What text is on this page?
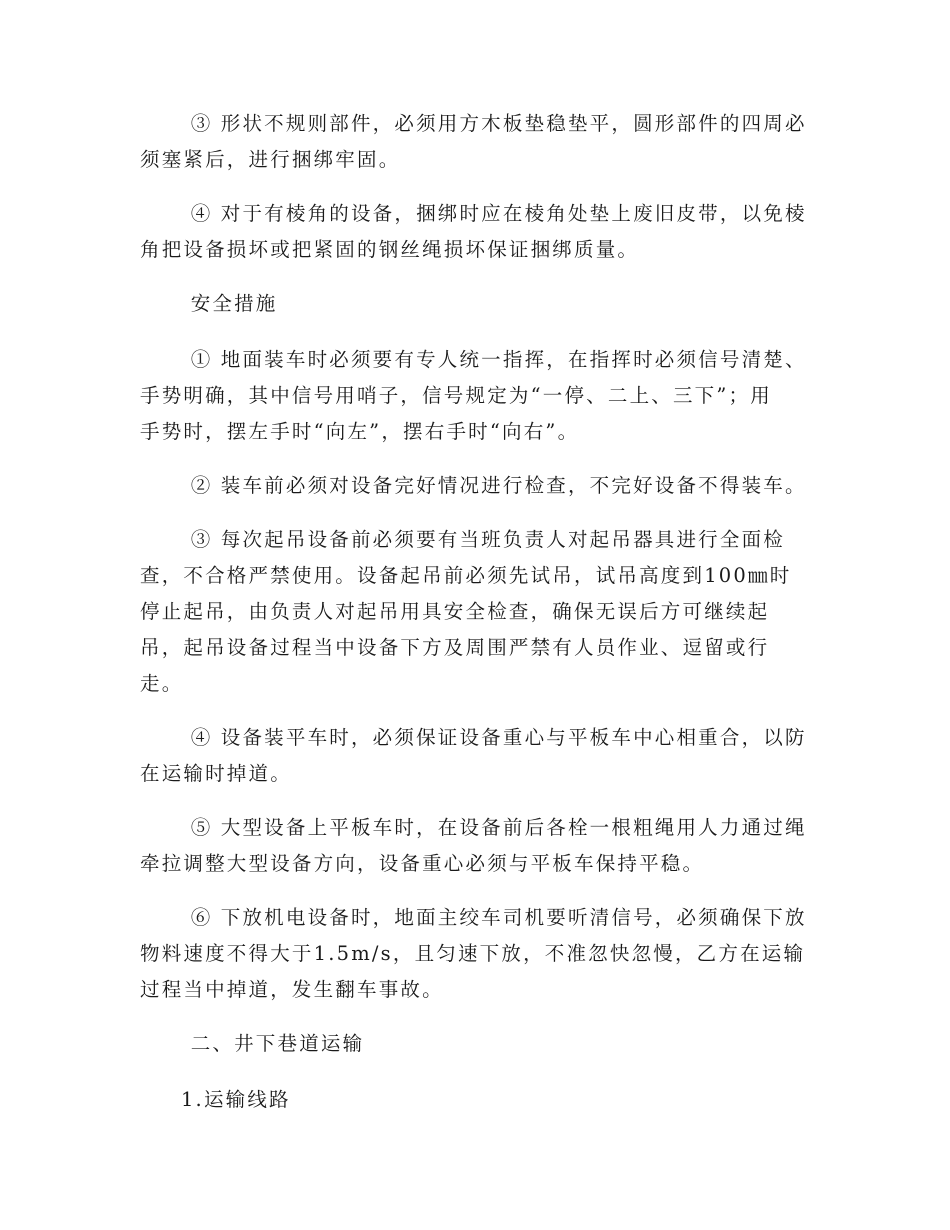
③ 形状不规则部件，必须用方木板垫稳垫平，圆形部件的四周必
须塞紧后，进行捆绑牢固。

④ 对于有棱角的设备，捆绑时应在棱角处垫上废旧皮带，以免棱
角把设备损坏或把紧固的钢丝绳损坏保证捆绑质量。

安全措施

① 地面装车时必须要有专人统一指挥，在指挥时必须信号清楚、
手势明确，其中信号用哨子，信号规定为“一停、二上、三下”；用
手势时，摆左手时“向左”，摆右手时“向右”。

② 装车前必须对设备完好情况进行检查，不完好设备不得装车。

③ 每次起吊设备前必须要有当班负责人对起吊器具进行全面检
查，不合格严禁使用。设备起吊前必须先试吊，试吊高度到100㎜时
停止起吊，由负责人对起吊用具安全检查，确保无误后方可继续起
吊，起吊设备过程当中设备下方及周围严禁有人员作业、逗留或行
走。

④ 设备装平车时，必须保证设备重心与平板车中心相重合，以防
在运输时掉道。

⑤ 大型设备上平板车时，在设备前后各栓一根粗绳用人力通过绳
牵拉调整大型设备方向，设备重心必须与平板车保持平稳。

⑥ 下放机电设备时，地面主绞车司机要听清信号，必须确保下放
物料速度不得大于1.5m/s，且匀速下放，不准忽快忽慢，乙方在运输
过程当中掉道，发生翻车事故。

二、井下巷道运输

1.运输线路
